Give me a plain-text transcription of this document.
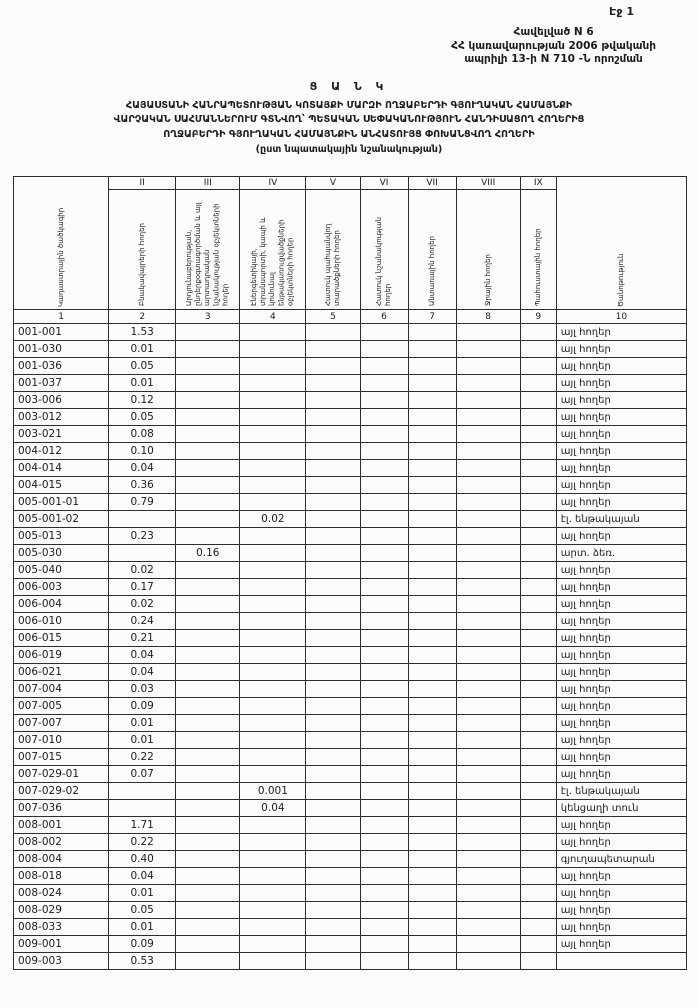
Էջ 1
Հավելված N 6
ՀՀ կառավարության 2006 թվականի
ապրիլի 13-ի N 710 -Ն որոշման
Ց Ա Ն Կ
ՀԱՅԱՍՏԱՆԻ ՀԱՆՐԱՊԵՏՈՒԹՅԱՆ ԿՈՏԱՅՔԻ ՄԱՐԶԻ ՈՂՋԱԲԵՐԴԻ ԳՅՈՒՂԱԿԱՆ ՀԱՄԱՅՆՔԻ
ՎԱՐՉԱԿԱՆ ՍԱՀՄԱՆՆԵՐՈՒՄ ԳՏՆՎՈՂ՝ ՊԵՏԱԿԱՆ ՍԵՓԱԿԱՆՈՒԹՅՈՒՆ ՀԱՆԴԻՍԱՑՈՂ ՀՈՂԵՐԻՑ
ՈՂՋԱԲԵՐԴԻ ԳՅՈՒՂԱԿԱՆ ՀԱՄԱՅՆՔԻՆ ԱՆՀԱՏՈՒՅՑ ՓՈԽԱՆՑՎՈՂ ՀՈՂԵՐԻ
(ըստ նպատակային նշանակության)
Կադաստրային ծածկագիր	II	III	IV	V	VI	VII	VIII	IX	Ծանոթություն

	Բնակավայրերի հողեր	Արդյունաբերության, ընդերքօգտագործման և այլ արտադրական նշանակության օբյեկտների հողեր	Էներգետիկայի, տրանսպորտի, կապի և կոմունալ ենթակառուցվածքների օբյեկտների հողեր	Հատուկ պահպանվող տարածքների հողեր	Հատուկ նշանակության հողեր	Անտառային հողեր	Ջրային հողեր	Պահուստային հողեր	

1	2	3	4	5	6	7	8	9	10
001-001	1.53								այլ հողեր
001-030	0.01								այլ հողեր
001-036	0.05								այլ հողեր
001-037	0.01								այլ հողեր
003-006	0.12								այլ հողեր
003-012	0.05								այլ հողեր
003-021	0.08								այլ հողեր
004-012	0.10								այլ հողեր
004-014	0.04								այլ հողեր
004-015	0.36								այլ հողեր
005-001-01	0.79								այլ հողեր
005-001-02			0.02						էլ. ենթակայան
005-013	0.23								այլ հողեր
005-030		0.16							արտ. ձեռ.
005-040	0.02								այլ հողեր
006-003	0.17								այլ հողեր
006-004	0.02								այլ հողեր
006-010	0.24								այլ հողեր
006-015	0.21								այլ հողեր
006-019	0.04								այլ հողեր
006-021	0.04								այլ հողեր
007-004	0.03								այլ հողեր
007-005	0.09								այլ հողեր
007-007	0.01								այլ հողեր
007-010	0.01								այլ հողեր
007-015	0.22								այլ հողեր
007-029-01	0.07								այլ հողեր
007-029-02			0.001						էլ. ենթակայան
007-036			0.04						կենցաղի տուն
008-001	1.71								այլ հողեր
008-002	0.22								այլ հողեր
008-004	0.40								գյուղապետարան
008-018	0.04								այլ հողեր
008-024	0.01								այլ հողեր
008-029	0.05								այլ հողեր
008-033	0.01								այլ հողեր
009-001	0.09								այլ հողեր
009-003	0.53								
